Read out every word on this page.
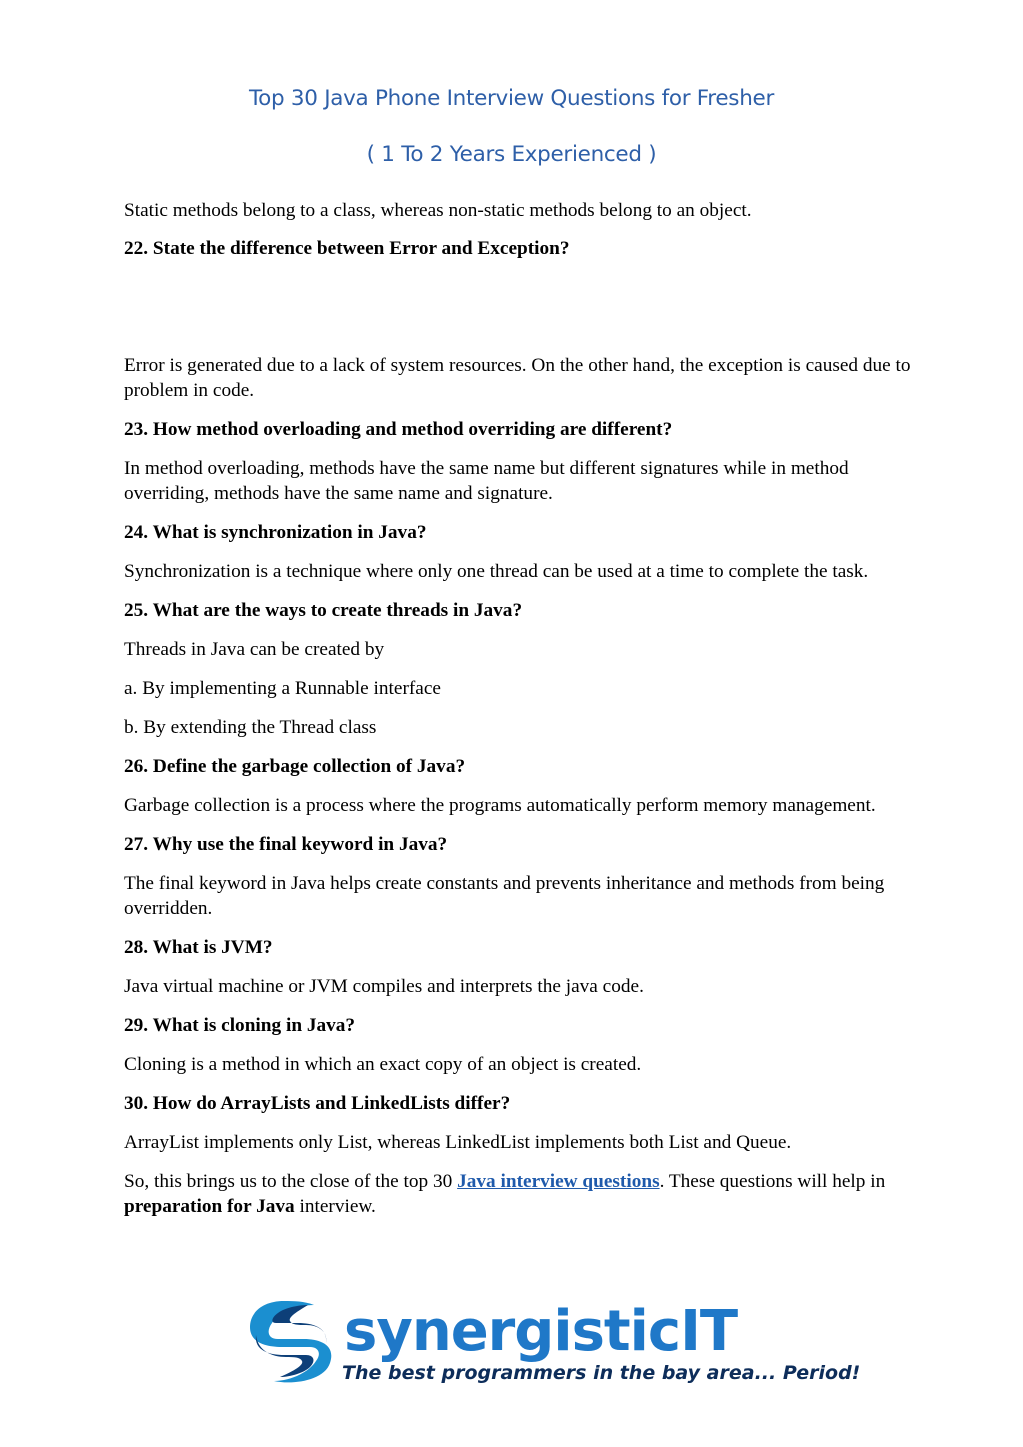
Top 30 Java Phone Interview Questions for Fresher
( 1 To 2 Years Experienced )

Static methods belong to a class, whereas non-static methods belong to an object.

22. State the difference between Error and Exception?

Error is generated due to a lack of system resources. On the other hand, the exception is caused due to problem in code.

23. How method overloading and method overriding are different?

In method overloading, methods have the same name but different signatures while in method overriding, methods have the same name and signature.

24. What is synchronization in Java?

Synchronization is a technique where only one thread can be used at a time to complete the task.

25. What are the ways to create threads in Java?

Threads in Java can be created by

a. By implementing a Runnable interface

b. By extending the Thread class

26. Define the garbage collection of Java?

Garbage collection is a process where the programs automatically perform memory management.

27. Why use the final keyword in Java?

The final keyword in Java helps create constants and prevents inheritance and methods from being overridden.

28. What is JVM?

Java virtual machine or JVM compiles and interprets the java code.

29. What is cloning in Java?

Cloning is a method in which an exact copy of an object is created.

30. How do ArrayLists and LinkedLists differ?

ArrayList implements only List, whereas LinkedList implements both List and Queue.

So, this brings us to the close of the top 30 Java interview questions. These questions will help in preparation for Java interview.

synergisticIT
The best programmers in the bay area... Period!
